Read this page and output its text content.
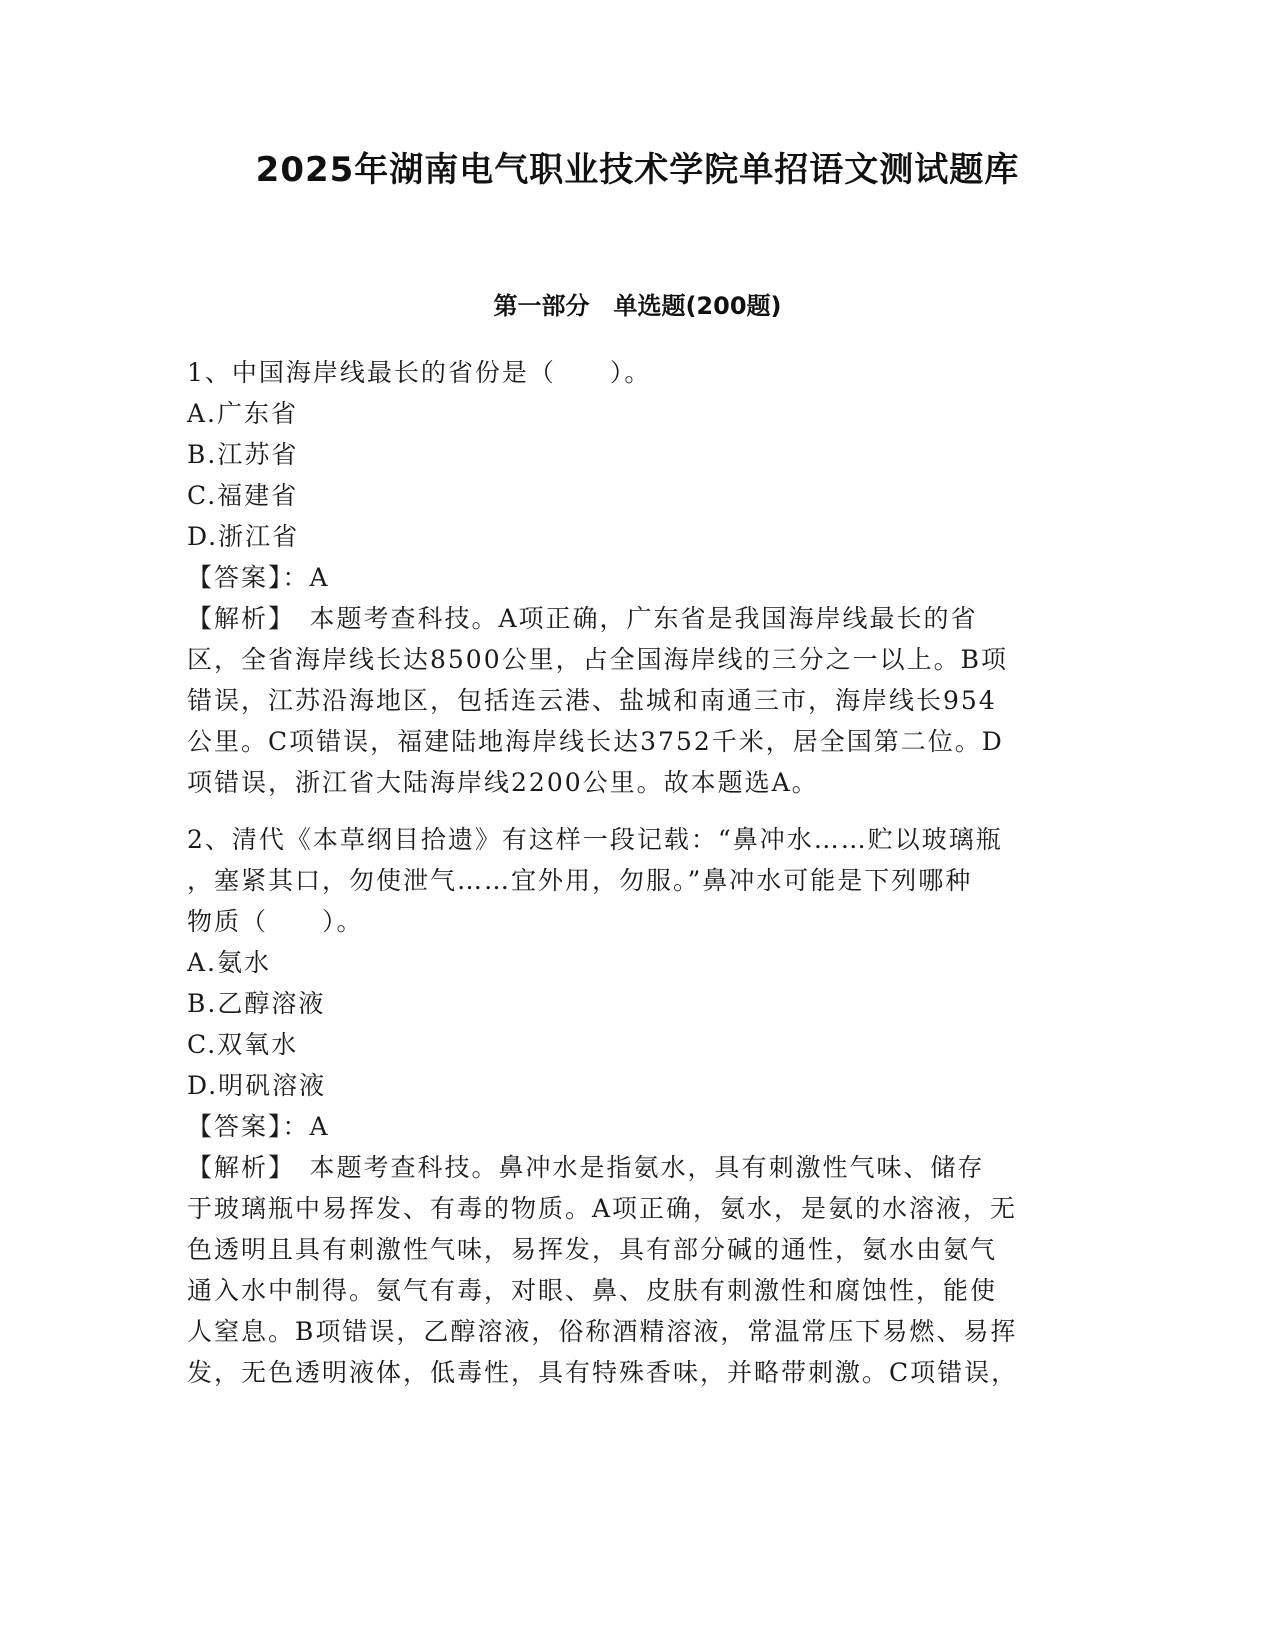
2025年湖南电气职业技术学院单招语文测试题库
第一部分　单选题(200题)
1、中国海岸线最长的省份是（　　）。
A.广东省
B.江苏省
C.福建省
D.浙江省
【答案】：A
【解析】　本题考查科技。A项正确，广东省是我国海岸线最长的省
区，全省海岸线长达8500公里，占全国海岸线的三分之一以上。B项
错误，江苏沿海地区，包括连云港、盐城和南通三市，海岸线长954
公里。C项错误，福建陆地海岸线长达3752千米，居全国第二位。D
项错误，浙江省大陆海岸线2200公里。故本题选A。
2、清代《本草纲目拾遗》有这样一段记载：“鼻冲水……贮以玻璃瓶
，塞紧其口，勿使泄气……宜外用，勿服。”鼻冲水可能是下列哪种
物质（　　）。
A.氨水
B.乙醇溶液
C.双氧水
D.明矾溶液
【答案】：A
【解析】　本题考查科技。鼻冲水是指氨水，具有刺激性气味、储存
于玻璃瓶中易挥发、有毒的物质。A项正确，氨水，是氨的水溶液，无
色透明且具有刺激性气味，易挥发，具有部分碱的通性，氨水由氨气
通入水中制得。氨气有毒，对眼、鼻、皮肤有刺激性和腐蚀性，能使
人窒息。B项错误，乙醇溶液，俗称酒精溶液，常温常压下易燃、易挥
发，无色透明液体，低毒性，具有特殊香味，并略带刺激。C项错误，
